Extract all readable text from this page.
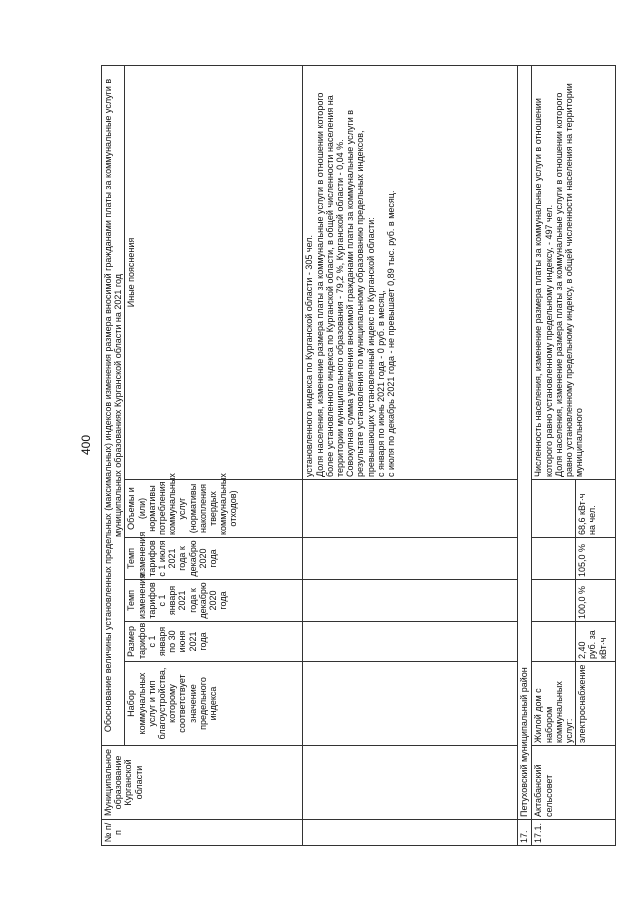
400
№ п/п	Муниципальное образование Курганской области	Обоснование величины установленных предельных (максимальных) индексов изменения размера вносимой гражданами платы за коммунальные услуги в муниципальных образованиях Курганской области на 2021 год					
		Набор коммунальных услуг и тип благоустройства, которому соответствует значение предельного индекса	Размер тарифов с 1 января по 30 июня 2021 года	Темп изменения тарифов с 1 января 2021 года к декабрю 2020 года	Темп изменения тарифов с 1 июля 2021 года к декабрю 2020 года	Объемы и (или) нормативы потребления коммунальных услуг (нормативы накопления твердых коммунальных отходов)	Иные пояснения

							установленного индекса по Курганской области - 305 чел. Доля населения, изменение размера платы за коммунальные услуги в отношении которого более установленного индекса по Курганской области, в общей численности населения на территории муниципального образования - 79,2 %, Курганской области - 0,04 %. Совокупная сумма увеличения вносимой гражданами платы за коммунальные услуги в результате установления по муниципальному образованию предельных индексов, превышающих установленный индекс по Курганской области: с января по июнь 2021 года - 0 руб. в месяц, с июля по декабрь 2021 года - не превышает 0,89 тыс. руб. в месяц.

17.	Петуховский муниципальный район						
17.1.	Актабанский сельсовет	Жилой дом с набором коммунальных услуг:					Численность населения, изменение размера платы за коммунальные услуги в отношении которого равно установленному предельному индексу, - 497 чел. Доля населения, изменение размера платы за коммунальные услуги в отношении которого равно установленному предельному индексу, в общей численности населения на территории муниципального

		электроснабжение	2,40 руб. за кВт·ч	100,0 %	105,0 %	68,6 кВт·ч на чел.	
